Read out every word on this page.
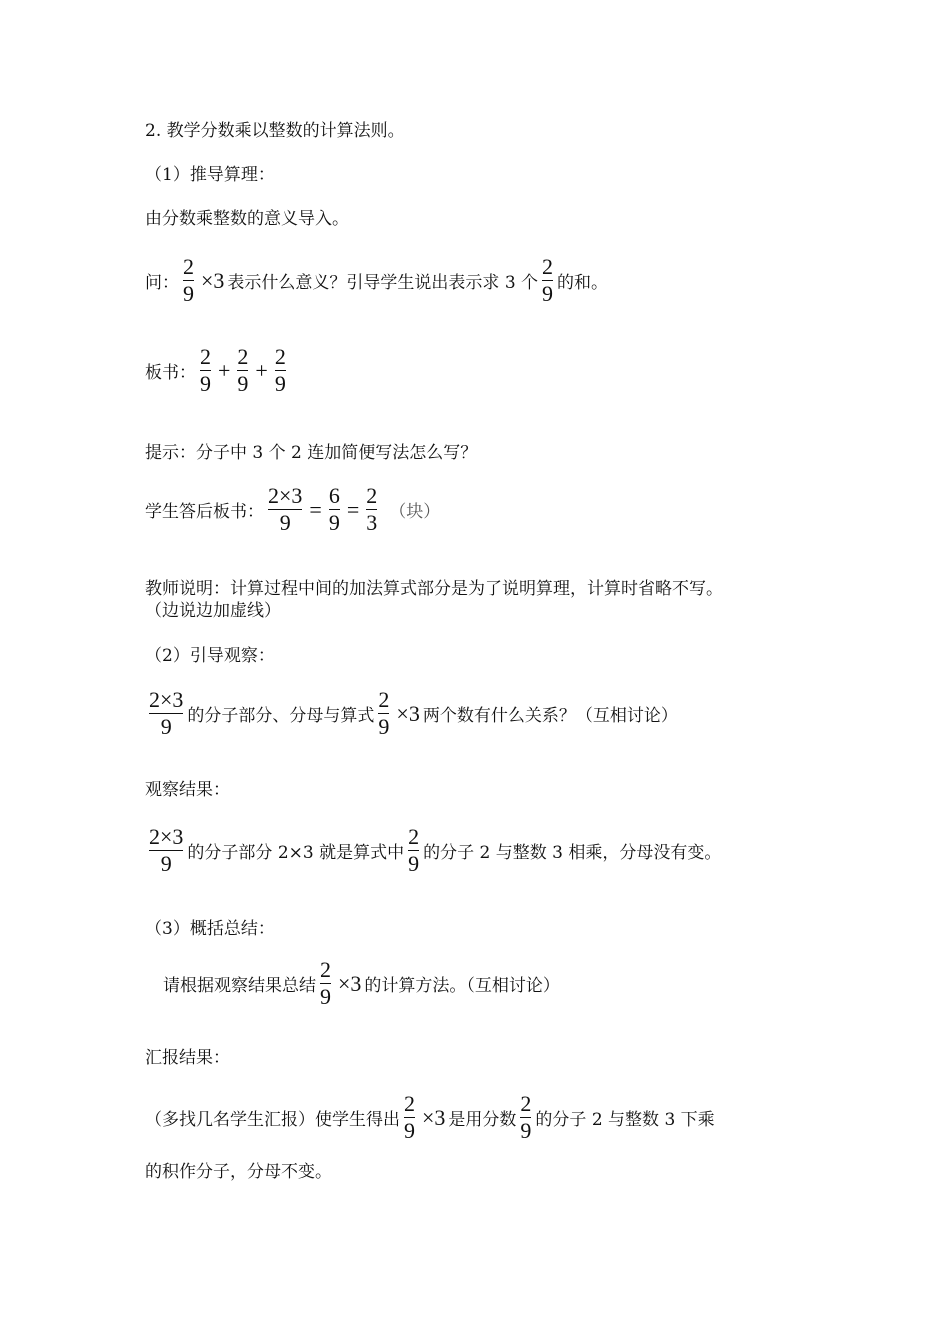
2. 教学分数乘以整数的计算法则。
（1）推导算理：
由分数乘整数的意义导入。
问：
2
9
×3 表示什么意义？引导学生说出表示求 3 个
2
9 的和。
板书：
2
9
+
2
9
+
2
9
提示：分子中 3 个 2 连加简便写法怎么写？
学生答后板书：
2×3
9
=
6
9
=
2
3 （块）
教师说明：计算过程中间的加法算式部分是为了说明算理，计算时省略不写。
（边说边加虚线）
（2）引导观察：
2×3
9 的分子部分、分母与算式
2
9
×3 两个数有什么关系？（互相讨论）
观察结果：
2×3
9 的分子部分 2×3 就是算式中
2
9 的分子 2 与整数 3 相乘，分母没有变。
（3）概括总结：
请根据观察结果总结
2
9
×3 的计算方法。（互相讨论）
汇报结果：
（多找几名学生汇报）使学生得出
2
9
×3 是用分数
2
9 的分子 2 与整数 3 下乘
的积作分子，分母不变。
